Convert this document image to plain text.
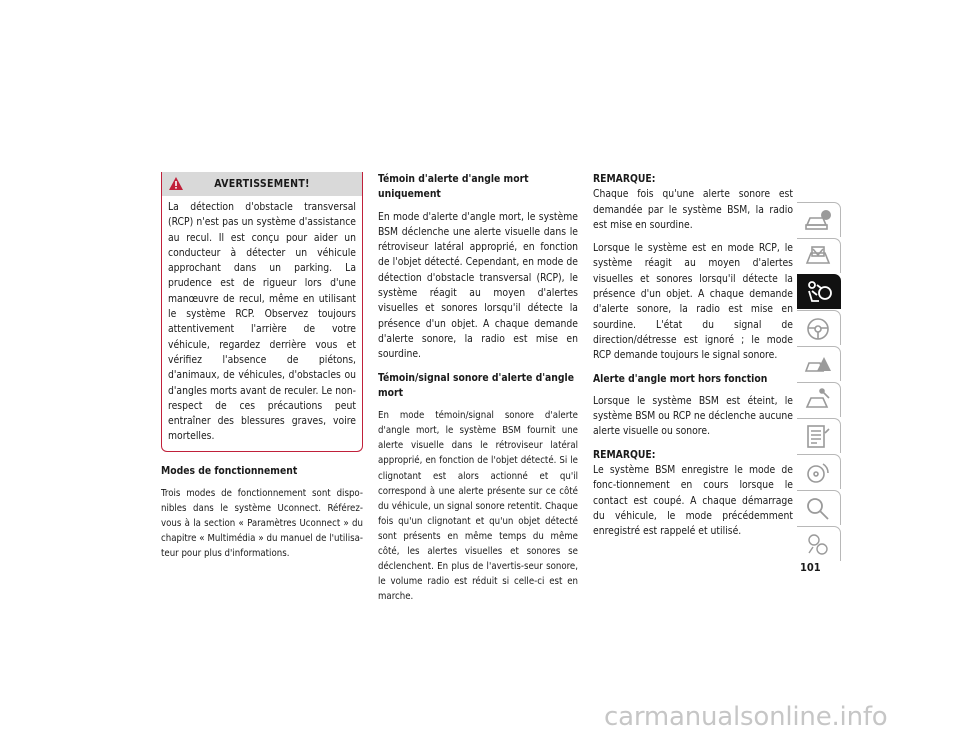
AVERTISSEMENT!

La détection d'obstacle transversal (RCP) n'est pas un système d'assistance au recul. Il est conçu pour aider un conducteur à détecter un véhicule approchant dans un parking. La prudence est de rigueur lors d'une manœuvre de recul, même en utilisant le système RCP. Observez toujours attentivement l'arrière de votre véhicule, regardez derrière vous et vérifiez l'absence de piétons, d'animaux, de véhicules, d'obstacles ou d'angles morts avant de reculer. Le non-respect de ces précautions peut entraîner des blessures graves, voire mortelles.

Modes de fonctionnement

Trois modes de fonctionnement sont dispo-nibles dans le système Uconnect. Référez-vous à la section « Paramètres Uconnect » du chapitre « Multimédia » du manuel de l'utilisa-teur pour plus d'informations.

Témoin d'alerte d'angle mort uniquement

En mode d'alerte d'angle mort, le système BSM déclenche une alerte visuelle dans le rétroviseur latéral approprié, en fonction de l'objet détecté. Cependant, en mode de détection d'obstacle transversal (RCP), le système réagit au moyen d'alertes visuelles et sonores lorsqu'il détecte la présence d'un objet. A chaque demande d'alerte sonore, la radio est mise en sourdine.

Témoin/signal sonore d'alerte d'angle mort

En mode témoin/signal sonore d'alerte d'angle mort, le système BSM fournit une alerte visuelle dans le rétroviseur latéral approprié, en fonction de l'objet détecté. Si le clignotant est alors actionné et qu'il correspond à une alerte présente sur ce côté du véhicule, un signal sonore retentit. Chaque fois qu'un clignotant et qu'un objet détecté sont présents en même temps du même côté, les alertes visuelles et sonores se déclenchent. En plus de l'avertis-seur sonore, le volume radio est réduit si celle-ci est en marche.

REMARQUE:

Chaque fois qu'une alerte sonore est demandée par le système BSM, la radio est mise en sourdine.

Lorsque le système est en mode RCP, le système réagit au moyen d'alertes visuelles et sonores lorsqu'il détecte la présence d'un objet. A chaque demande d'alerte sonore, la radio est mise en sourdine. L'état du signal de direction/détresse est ignoré ; le mode RCP demande toujours le signal sonore.

Alerte d'angle mort hors fonction

Lorsque le système BSM est éteint, le système BSM ou RCP ne déclenche aucune alerte visuelle ou sonore.

REMARQUE:

Le système BSM enregistre le mode de fonc-tionnement en cours lorsque le contact est coupé. A chaque démarrage du véhicule, le mode précédemment enregistré est rappelé et utilisé.

101
carmanualsonline.info
